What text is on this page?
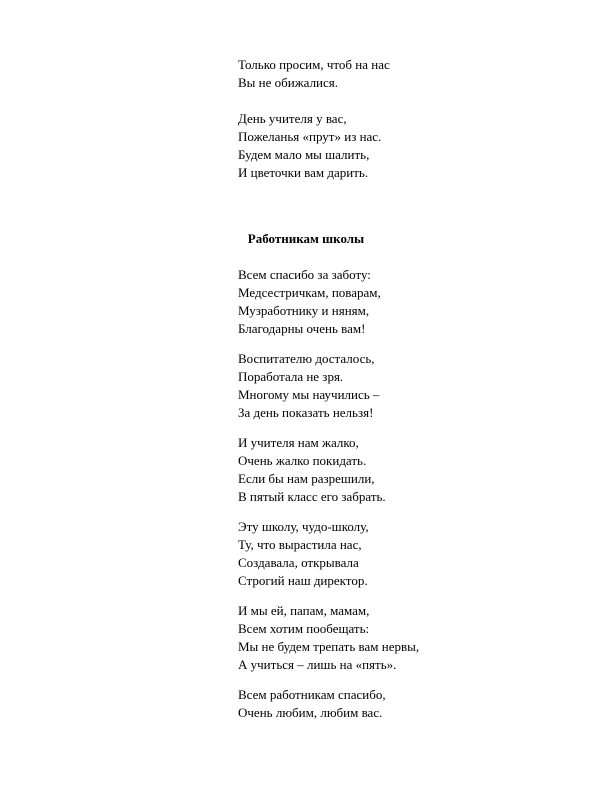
Только просим, чтоб на нас
Вы не обижалися.
День учителя у вас,
Пожеланья «прут» из нас.
Будем мало мы шалить,
И цветочки вам дарить.
Работникам школы
Всем спасибо за заботу:
Медсестричкам, поварам,
Музработнику и няням,
Благодарны очень вам!
Воспитателю досталось,
Поработала не зря.
Многому мы научились –
За день показать нельзя!
И учителя нам жалко,
Очень жалко покидать.
Если бы нам разрешили,
В пятый класс его забрать.
Эту школу, чудо-школу,
Ту, что вырастила нас,
Создавала, открывала
Строгий наш директор.
И мы ей, папам, мамам,
Всем хотим пообещать:
Мы не будем трепать вам нервы,
А учиться – лишь на «пять».
Всем работникам спасибо,
Очень любим, любим вас.
